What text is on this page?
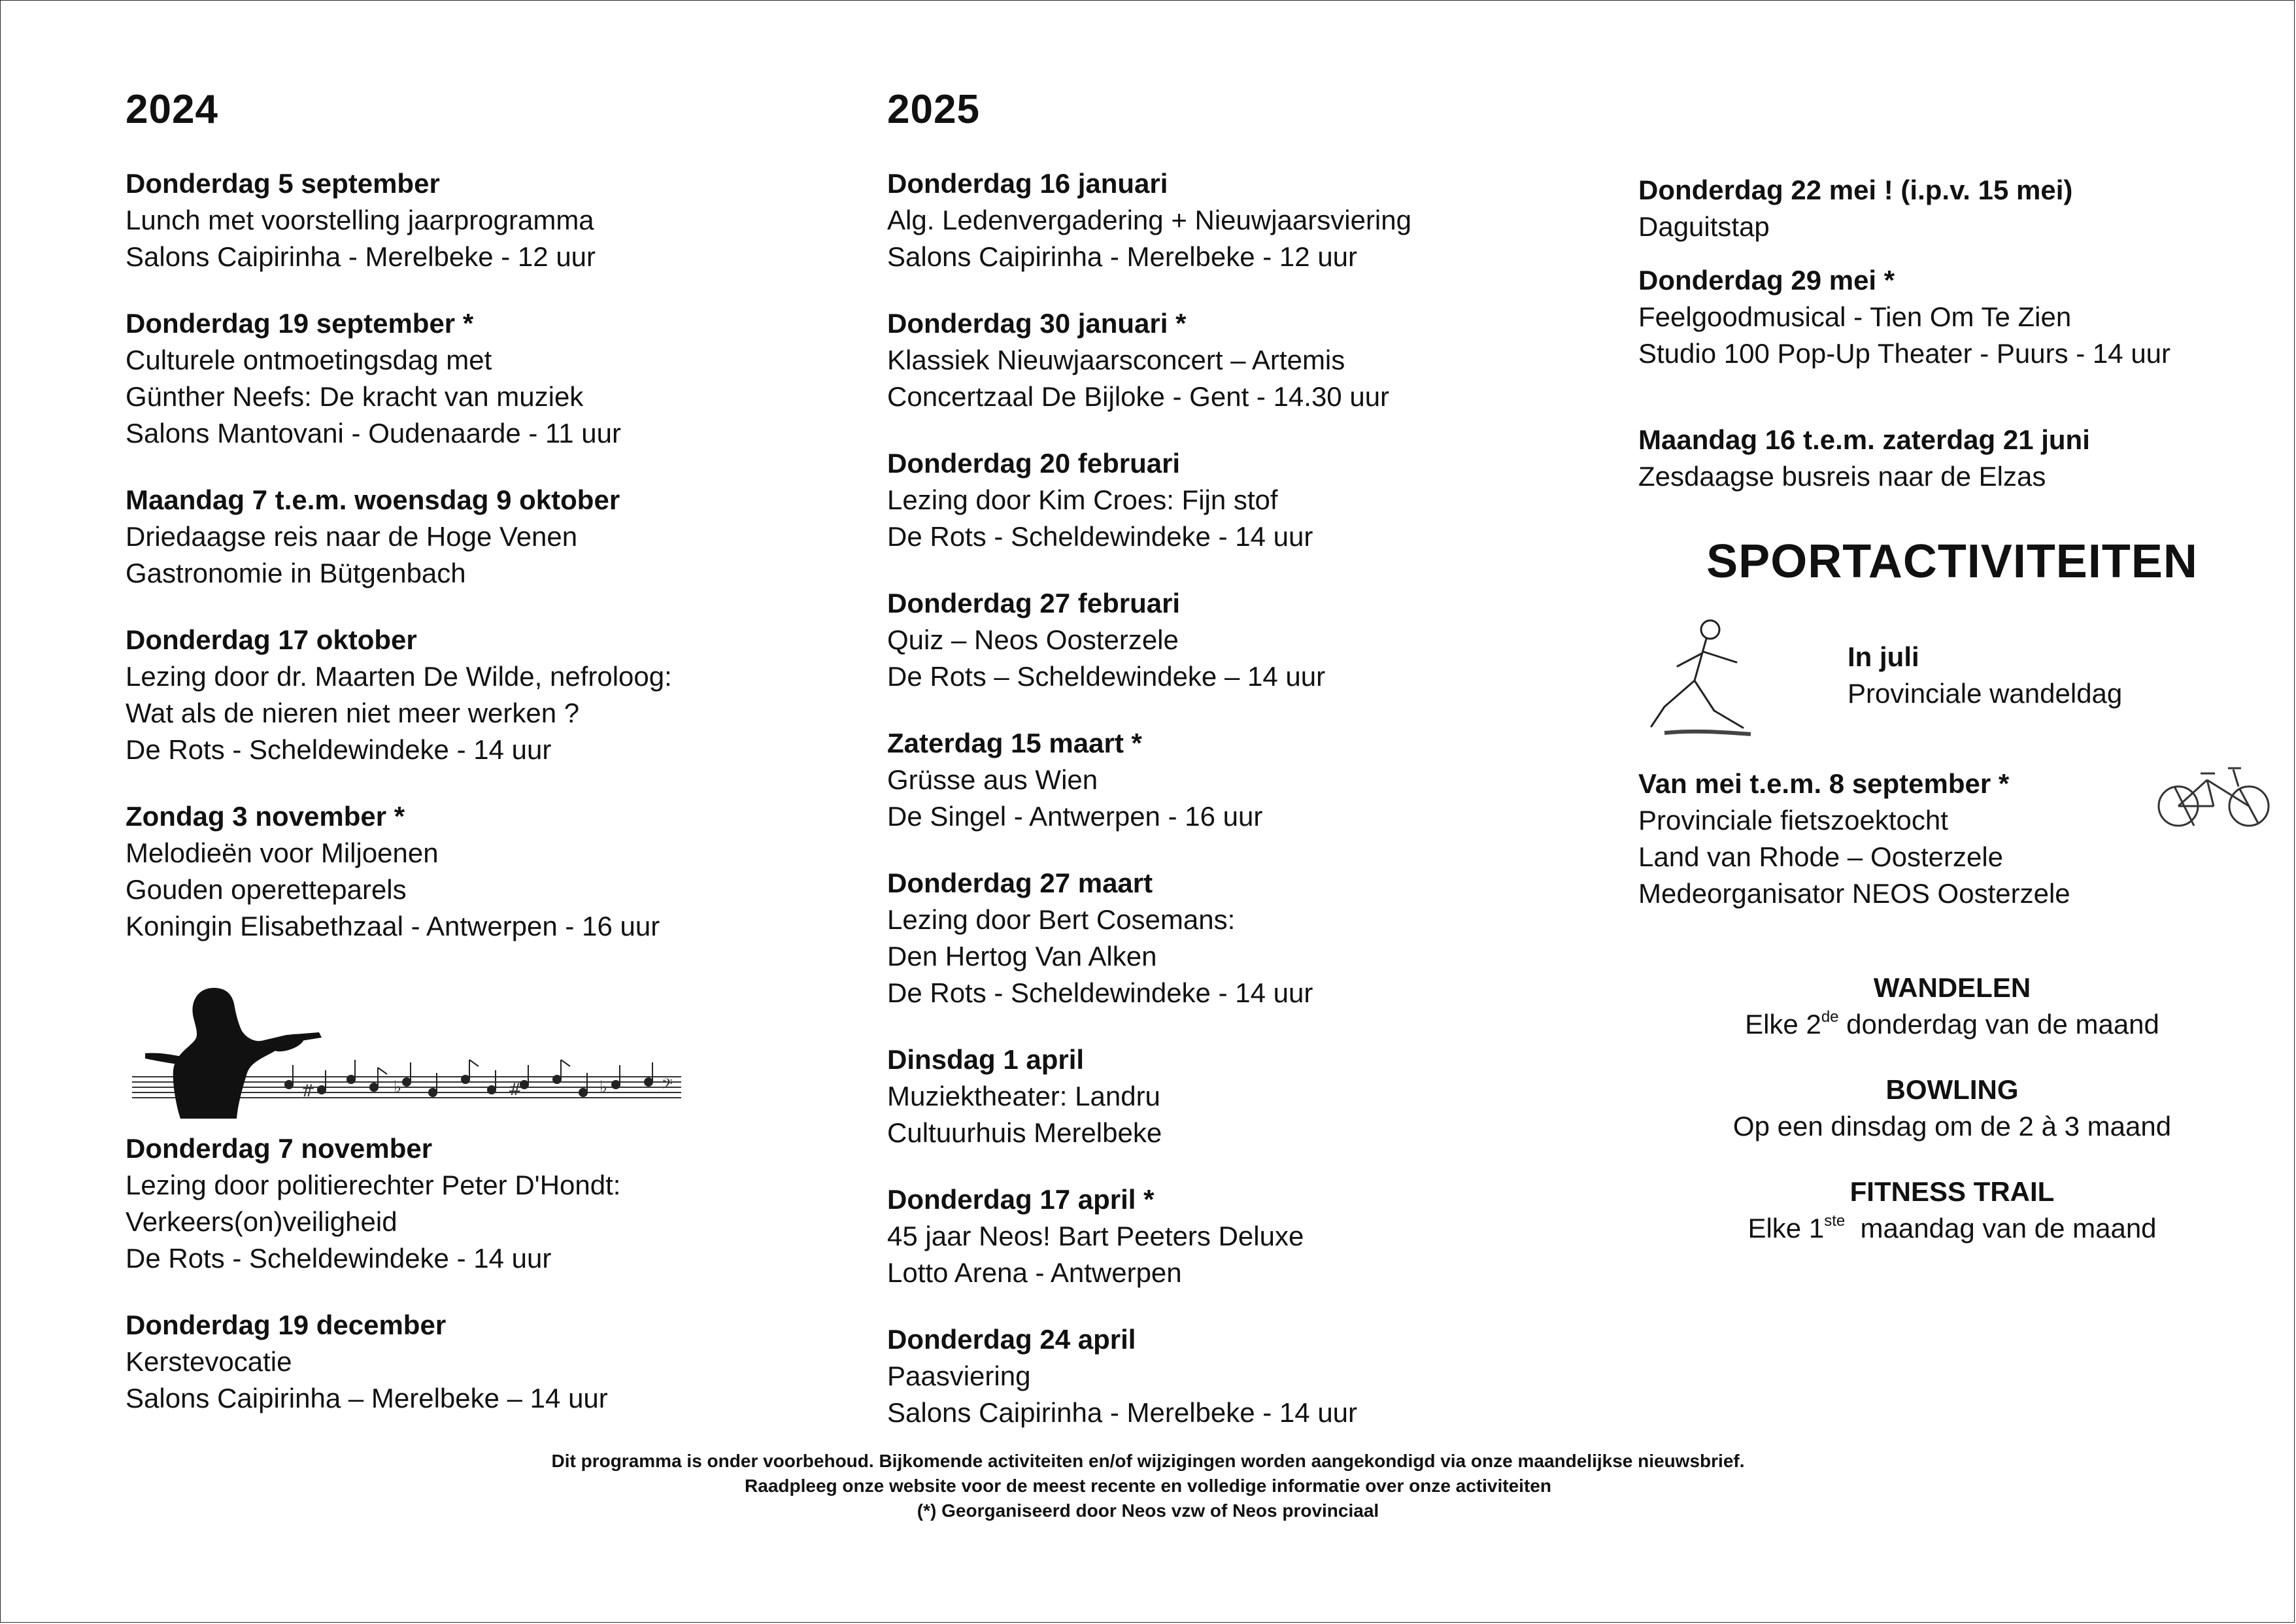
2024
Donderdag 5 september
Lunch met voorstelling jaarprogramma
Salons Caipirinha - Merelbeke - 12 uur
Donderdag 19 september *
Culturele ontmoetingsdag met
Günther Neefs: De kracht van muziek
Salons Mantovani - Oudenaarde - 11 uur
Maandag 7 t.e.m. woensdag 9 oktober
Driedaagse reis naar de Hoge Venen
Gastronomie in Bütgenbach
Donderdag 17 oktober
Lezing door dr. Maarten De Wilde, nefroloog:
Wat als de nieren niet meer werken ?
De Rots - Scheldewindeke - 14 uur
Zondag 3 november *
Melodieën voor Miljoenen
Gouden operetteparels
Koningin Elisabethzaal - Antwerpen - 16 uur
#	♭	#	♭	𝄢
Donderdag 7 november
Lezing door politierechter Peter D'Hondt:
Verkeers(on)veiligheid
De Rots - Scheldewindeke - 14 uur
Donderdag 19 december
Kerstevocatie
Salons Caipirinha – Merelbeke – 14 uur
2025
Donderdag 16 januari
Alg. Ledenvergadering + Nieuwjaarsviering
Salons Caipirinha - Merelbeke - 12 uur
Donderdag 30 januari *
Klassiek Nieuwjaarsconcert – Artemis
Concertzaal De Bijloke - Gent - 14.30 uur
Donderdag 20 februari
Lezing door Kim Croes: Fijn stof
De Rots - Scheldewindeke - 14 uur
Donderdag 27 februari
Quiz – Neos Oosterzele
De Rots – Scheldewindeke – 14 uur
Zaterdag 15 maart *
Grüsse aus Wien
De Singel - Antwerpen - 16 uur
Donderdag 27 maart
Lezing door Bert Cosemans:
Den Hertog Van Alken
De Rots - Scheldewindeke - 14 uur
Dinsdag 1 april
Muziektheater: Landru
Cultuurhuis Merelbeke
Donderdag 17 april *
45 jaar Neos! Bart Peeters Deluxe
Lotto Arena - Antwerpen
Donderdag 24 april
Paasviering
Salons Caipirinha - Merelbeke - 14 uur
Donderdag 22 mei ! (i.p.v. 15 mei)
Daguitstap
Donderdag 29 mei *
Feelgoodmusical - Tien Om Te Zien
Studio 100 Pop-Up Theater - Puurs - 14 uur
Maandag 16 t.e.m. zaterdag 21 juni
Zesdaagse busreis naar de Elzas
SPORTACTIVITEITEN
In juli
Provinciale wandeldag
Van mei t.e.m. 8 september *
Provinciale fietszoektocht
Land van Rhode – Oosterzele
Medeorganisator NEOS Oosterzele
WANDELEN
Elke 2de donderdag van de maand
BOWLING
Op een dinsdag om de 2 à 3 maand
FITNESS TRAIL
Elke 1ste  maandag van de maand
Dit programma is onder voorbehoud. Bijkomende activiteiten en/of wijzigingen worden aangekondigd via onze maandelijkse nieuwsbrief.
Raadpleeg onze website voor de meest recente en volledige informatie over onze activiteiten
(*) Georganiseerd door Neos vzw of Neos provinciaal
